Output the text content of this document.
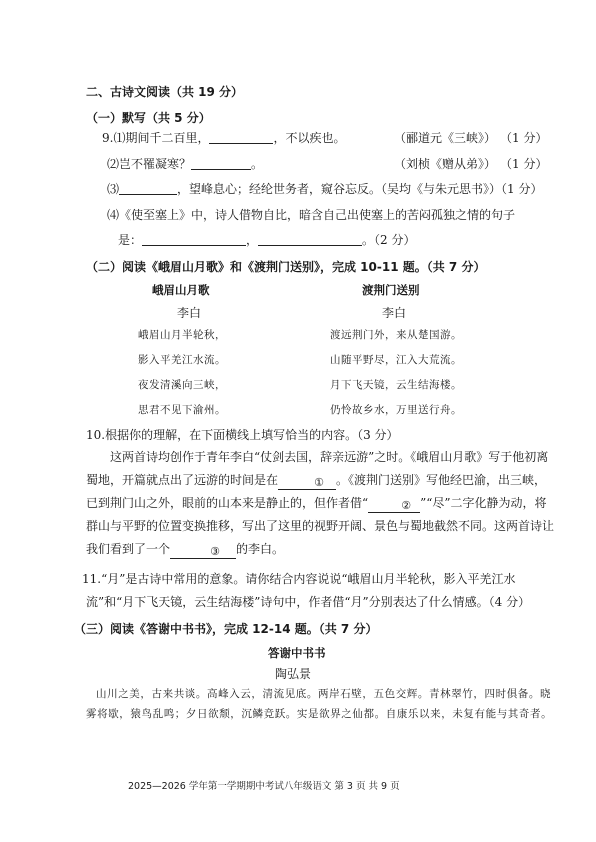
二、古诗文阅读（共 19 分）
（一）默写（共 5 分）
9.⑴期间千二百里，	，不以疾也。	（郦道元《三峡》） （1 分）
⑵岂不罹凝寒？	。	（刘桢《赠从弟》） （1 分）
⑶	，望峰息心；经纶世务者，窥谷忘反。（吴均《与朱元思书》）（1 分）
⑷《使至塞上》中，诗人借物自比，暗含自己出使塞上的苦闷孤独之情的句子
是：	，	。（2 分）
（二）阅读《峨眉山月歌》和《渡荆门送别》，完成 10-11 题。（共 7 分）
峨眉山月歌
李白
峨眉山月半轮秋，
影入平羌江水流。
夜发清溪向三峡，
思君不见下渝州。
渡荆门送别
李白
渡远荆门外，来从楚国游。
山随平野尽，江入大荒流。
月下飞天镜，云生结海楼。
仍怜故乡水，万里送行舟。
10.根据你的理解，在下面横线上填写恰当的内容。（3 分）
这两首诗均创作于青年李白“仗剑去国，辞亲远游”之时。《峨眉山月歌》写于他初离蜀地，开篇就点出了远游的时间是在	① 。《渡荆门送别》写他经巴渝，出三峡，已到荆门山之外，眼前的山本来是静止的，但作者借“	② ”“尽”二字化静为动，将群山与平野的位置变换推移，写出了这里的视野开阔、景色与蜀地截然不同。这两首诗让我们看到了一个	③ 的李白。
11.“月”是古诗中常用的意象。请你结合内容说说“峨眉山月半轮秋，影入平羌江水流”和“月下飞天镜，云生结海楼”诗句中，作者借“月”分别表达了什么情感。（4 分）
（三）阅读《答谢中书书》，完成 12-14 题。（共 7 分）
答谢中书书
陶弘景
山川之美，古来共谈。高峰入云，清流见底。两岸石壁，五色交辉。青林翠竹，四时俱备。晓雾将歇，猿鸟乱鸣；夕日欲颓，沉鳞竞跃。实是欲界之仙都。自康乐以来，未复有能与其奇者。
2025—2026 学年第一学期期中考试八年级语文 第 3 页 共 9 页
